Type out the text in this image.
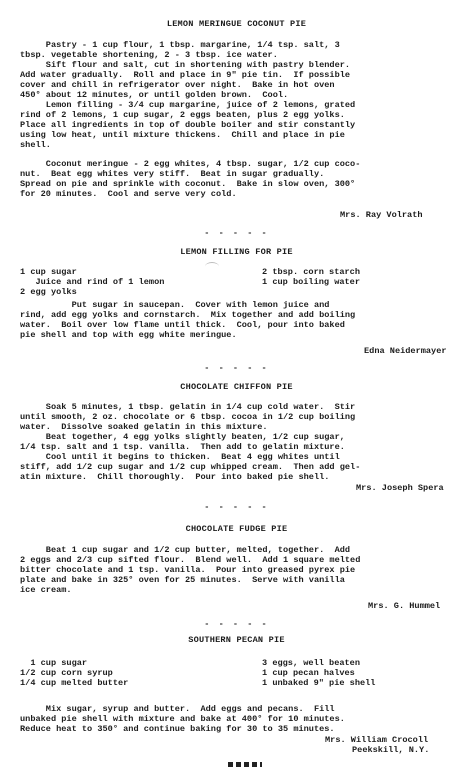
LEMON MERINGUE COCONUT PIE
Pastry - 1 cup flour, 1 tbsp. margarine, 1/4 tsp. salt, 3
tbsp. vegetable shortening, 2 - 3 tbsp. ice water.
Sift flour and salt, cut in shortening with pastry blender.
Add water gradually.  Roll and place in 9" pie tin.  If possible
cover and chill in refrigerator over night.  Bake in hot oven
450° about 12 minutes, or until golden brown.  Cool.
Lemon filling - 3/4 cup margarine, juice of 2 lemons, grated
rind of 2 lemons, 1 cup sugar, 2 eggs beaten, plus 2 egg yolks.
Place all ingredients in top of double boiler and stir constantly
using low heat, until mixture thickens.  Chill and place in pie
shell.
Coconut meringue - 2 egg whites, 4 tbsp. sugar, 1/2 cup coco-
nut.  Beat egg whites very stiff.  Beat in sugar gradually.
Spread on pie and sprinkle with coconut.  Bake in slow oven, 300°
for 20 minutes.  Cool and serve very cold.
Mrs. Ray Volrath
- - - - -
LEMON FILLING FOR PIE
1 cup sugar
Juice and rind of 1 lemon
2 egg yolks
2 tbsp. corn starch
1 cup boiling water
Put sugar in saucepan.  Cover with lemon juice and
rind, add egg yolks and cornstarch.  Mix together and add boiling
water.  Boil over low flame until thick.  Cool, pour into baked
pie shell and top with egg white meringue.
Edna Neidermayer
- - - - -
CHOCOLATE CHIFFON PIE
Soak 5 minutes, 1 tbsp. gelatin in 1/4 cup cold water.  Stir
until smooth, 2 oz. chocolate or 6 tbsp. cocoa in 1/2 cup boiling
water.  Dissolve soaked gelatin in this mixture.
Beat together, 4 egg yolks slightly beaten, 1/2 cup sugar,
1/4 tsp. salt and 1 tsp. vanilla.  Then add to gelatin mixture.
Cool until it begins to thicken.  Beat 4 egg whites until
stiff, add 1/2 cup sugar and 1/2 cup whipped cream.  Then add gel-
atin mixture.  Chill thoroughly.  Pour into baked pie shell.
Mrs. Joseph Spera
- - - - -
CHOCOLATE FUDGE PIE
Beat 1 cup sugar and 1/2 cup butter, melted, together.  Add
2 eggs and 2/3 cup sifted flour.  Blend well.  Add 1 square melted
bitter chocolate and 1 tsp. vanilla.  Pour into greased pyrex pie
plate and bake in 325° oven for 25 minutes.  Serve with vanilla
ice cream.
Mrs. G. Hummel
- - - - -
SOUTHERN PECAN PIE
1 cup sugar
1/2 cup corn syrup
1/4 cup melted butter
3 eggs, well beaten
1 cup pecan halves
1 unbaked 9" pie shell
Mix sugar, syrup and butter.  Add eggs and pecans.  Fill
unbaked pie shell with mixture and bake at 400° for 10 minutes.
Reduce heat to 350° and continue baking for 30 to 35 minutes.
Mrs. William Crocoll
Peekskill, N.Y.
